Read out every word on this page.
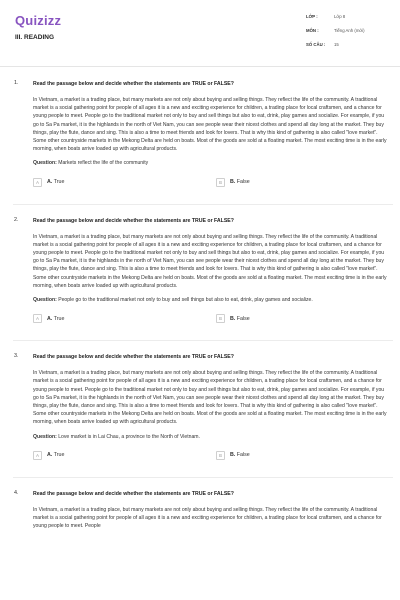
Quizizz
III. READING
LỚP :	Lớp 8
MÔN :	Tiếng Anh (mới)
SỐ CÂU :	15
1.	Read the passage below and decide whether the statements are TRUE or FALSE?
In Vietnam, a market is a trading place, but many markets are not only about buying and selling things. They reflect the life of the community. A traditional market is a social gathering point for people of all ages it is a new and exciting experience for children, a trading place for local craftsmen, and a chance for young people to meet. People go to the traditional market not only to buy and sell things but also to eat, drink, play games and socialize. For example, if you go to Sa Pa market, it is the highlands in the north of Viet Nam, you can see people wear their nicest clothes and spend all day long at the market. They buy things, play the flute, dance and sing. This is also a time to meet friends and look for lovers. That is why this kind of gathering is also called "love market". Some other countryside markets in the Mekong Delta are held on boats. Most of the goods are sold at a floating market. The most exciting time is in the early morning, when boats arrive loaded up with agricultural products.
Question: Markets reflect the life of the community
A	A. True	B	B. False
2.	Read the passage below and decide whether the statements are TRUE or FALSE?
In Vietnam, a market is a trading place, but many markets are not only about buying and selling things. They reflect the life of the community. A traditional market is a social gathering point for people of all ages it is a new and exciting experience for children, a trading place for local craftsmen, and a chance for young people to meet. People go to the traditional market not only to buy and sell things but also to eat, drink, play games and socialize. For example, if you go to Sa Pa market, it is the highlands in the north of Viet Nam, you can see people wear their nicest clothes and spend all day long at the market. They buy things, play the flute, dance and sing. This is also a time to meet friends and look for lovers. That is why this kind of gathering is also called "love market". Some other countryside markets in the Mekong Delta are held on boats. Most of the goods are sold at a floating market. The most exciting time is in the early morning, when boats arrive loaded up with agricultural products.
Question: People go to the traditional market not only to buy and sell things but also to eat, drink, play games and socialize.
A	A. True	B	B. False
3.	Read the passage below and decide whether the statements are TRUE or FALSE?
In Vietnam, a market is a trading place, but many markets are not only about buying and selling things. They reflect the life of the community. A traditional market is a social gathering point for people of all ages it is a new and exciting experience for children, a trading place for local craftsmen, and a chance for young people to meet. People go to the traditional market not only to buy and sell things but also to eat, drink, play games and socialize. For example, if you go to Sa Pa market, it is the highlands in the north of Viet Nam, you can see people wear their nicest clothes and spend all day long at the market. They buy things, play the flute, dance and sing. This is also a time to meet friends and look for lovers. That is why this kind of gathering is also called "love market". Some other countryside markets in the Mekong Delta are held on boats. Most of the goods are sold at a floating market. The most exciting time is in the early morning, when boats arrive loaded up with agricultural products.
Question: Love market is in Lai Chau, a province to the North of Vietnam.
A	A. True	B	B. False
4.	Read the passage below and decide whether the statements are TRUE or FALSE?
In Vietnam, a market is a trading place, but many markets are not only about buying and selling things. They reflect the life of the community. A traditional market is a social gathering point for people of all ages it is a new and exciting experience for children, a trading place for local craftsmen, and a chance for young people to meet. People
